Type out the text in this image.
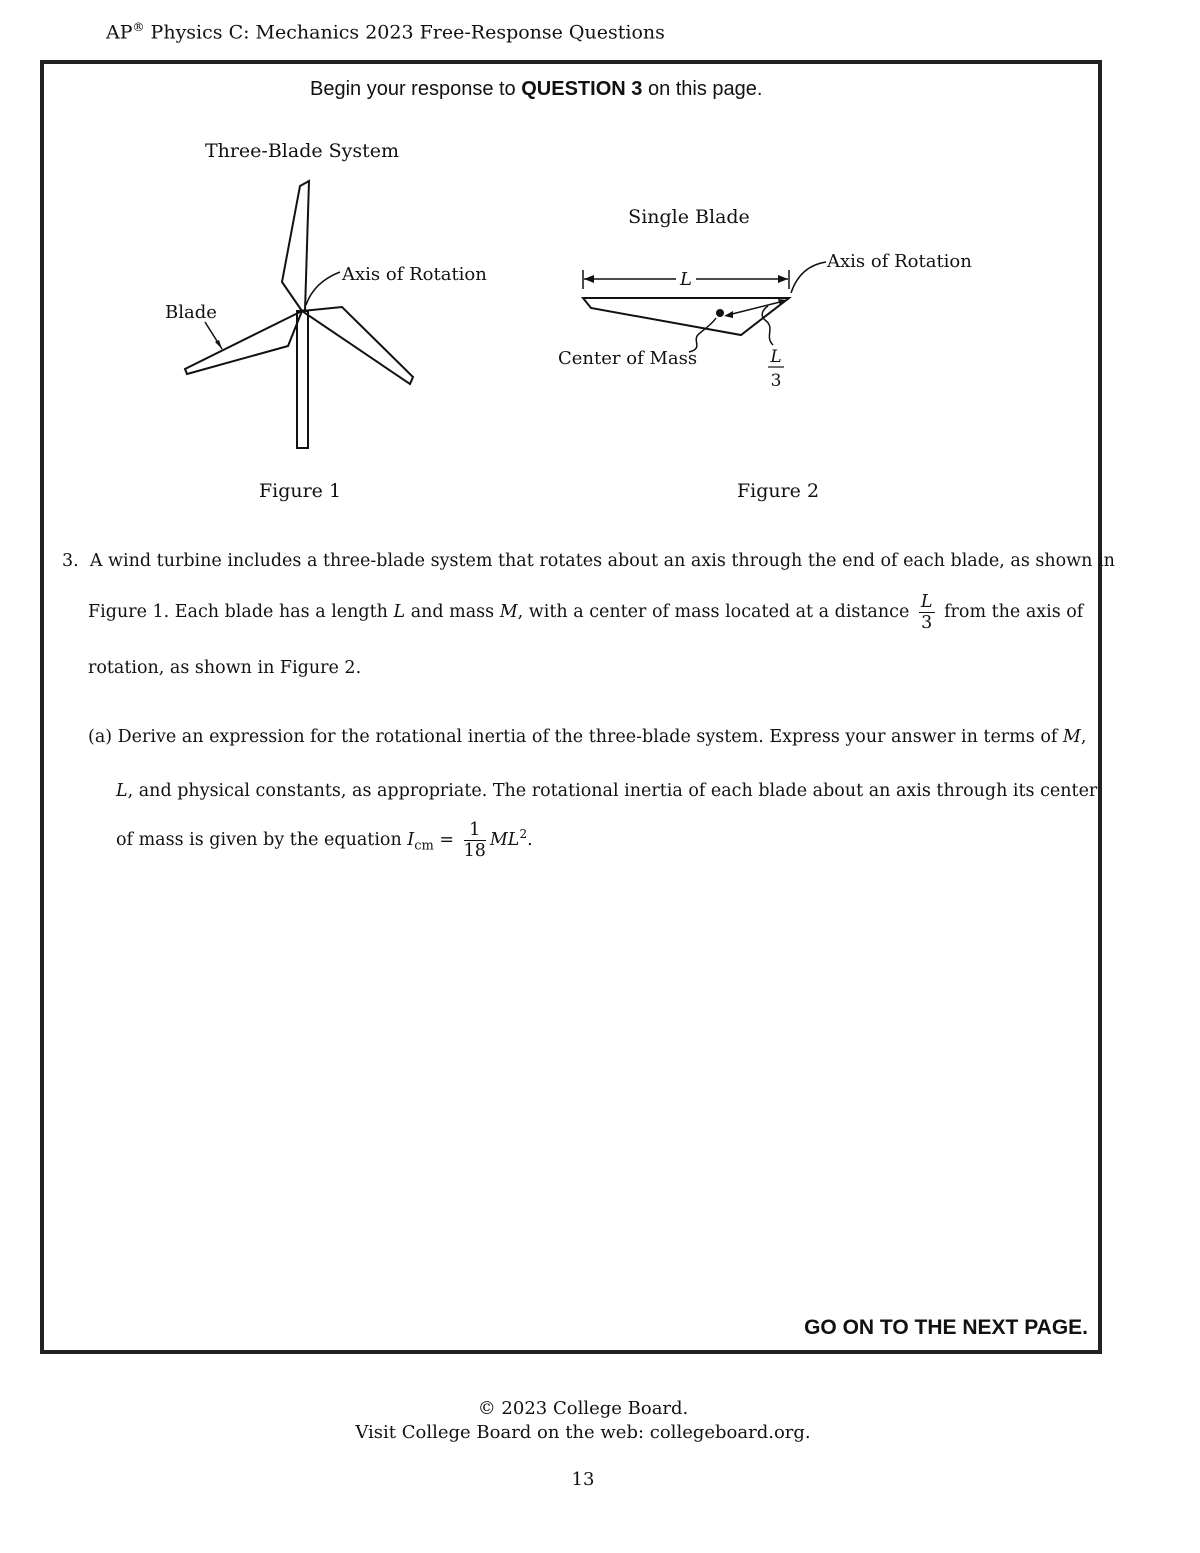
AP® Physics C: Mechanics 2023 Free-Response Questions
Begin your response to QUESTION 3 on this page.
Three-Blade System
Axis of Rotation
Blade
Figure 1
Single Blade
L
Axis of Rotation
Center of Mass	L
3
Figure 2
3. A wind turbine includes a three-blade system that rotates about an axis through the end of each blade, as shown in
Figure 1. Each blade has a length L and mass M, with a center of mass located at a distance $\frac{L}{3}$ from the axis of
rotation, as shown in Figure 2.
(a) Derive an expression for the rotational inertia of the three-blade system. Express your answer in terms of M,
L, and physical constants, as appropriate. The rotational inertia of each blade about an axis through its center
of mass is given by the equation $I_{cm} = \frac{1}{18} ML^2$.
GO ON TO THE NEXT PAGE.
© 2023 College Board.
Visit College Board on the web: collegeboard.org.
13
